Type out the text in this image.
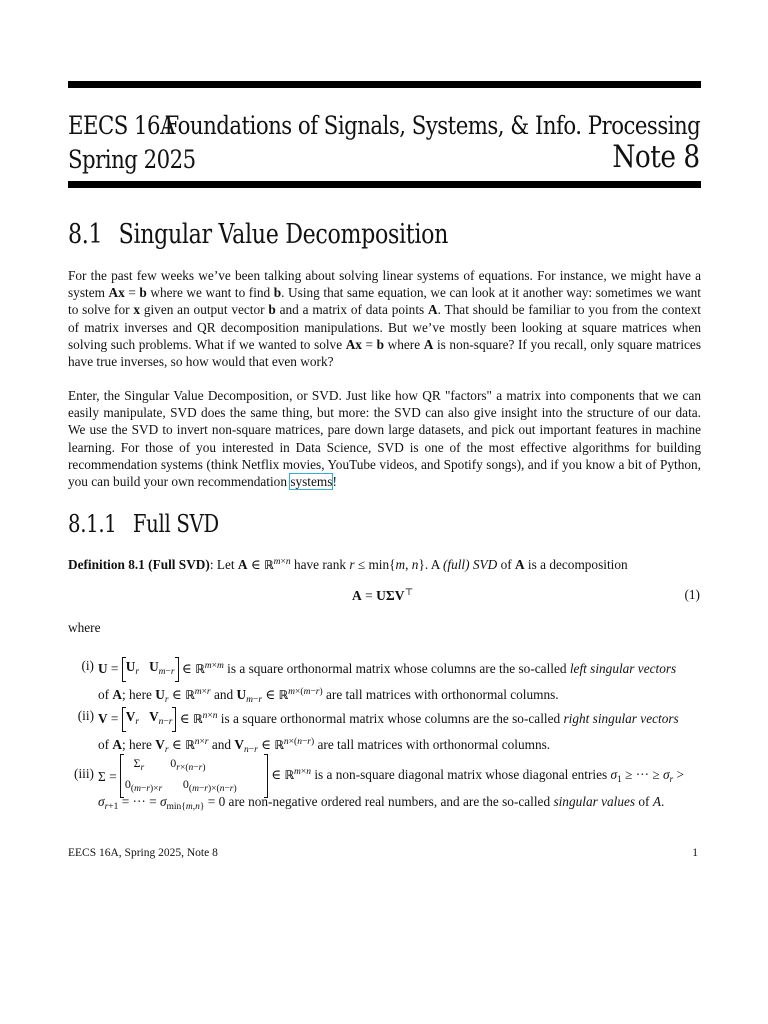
EECS 16A
Foundations of Signals, Systems, & Info. Processing
Spring 2025	Note 8
8.1 Singular Value Decomposition
For the past few weeks we’ve been talking about solving linear systems of equations. For instance, we might have a system Ax = b where we want to find b. Using that same equation, we can look at it another way: sometimes we want to solve for x given an output vector b and a matrix of data points A. That should be familiar to you from the context of matrix inverses and QR decomposition manipulations. But we’ve mostly been looking at square matrices when solving such problems. What if we wanted to solve Ax = b where A is non-square? If you recall, only square matrices have true inverses, so how would that even work?
Enter, the Singular Value Decomposition, or SVD. Just like how QR "factors" a matrix into components that we can easily manipulate, SVD does the same thing, but more: the SVD can also give insight into the structure of our data. We use the SVD to invert non-square matrices, pare down large datasets, and pick out important features in machine learning. For those of you interested in Data Science, SVD is one of the most effective algorithms for building recommendation systems (think Netflix movies, YouTube videos, and Spotify songs), and if you know a bit of Python, you can build your own recommendation systems!
8.1.1 Full SVD
Definition 8.1 (Full SVD): Let A ∈ ℝ$^{m\times n}$ have rank r ≤ min{m, n}. A (full) SVD of A is a decomposition
A = UΣV⊤	(1)
where
(i) U =
$U_r$ $U_{m-r}$
∈ ℝ$^{m\times m}$ is a square orthonormal matrix whose columns are the so-called left singular vectors
of A; here $U_r$ ∈ ℝ$^{m\times r}$ and $U_{m-r}$ ∈ ℝ$^{m\times(m-r)}$ are tall matrices with orthonormal columns.
(ii) V =
$V_r$ $V_{n-r}$
∈ ℝ$^{n\times n}$ is a square orthonormal matrix whose columns are the so-called right singular vectors
of A; here $V_r$ ∈ ℝ$^{n\times r}$ and $V_{n-r}$ ∈ ℝ$^{n\times(n-r)}$ are tall matrices with orthonormal columns.
(iii) Σ =
$\Sigma_r$ $0_{r\times(n-r)}$
$0_{(m-r)\times r}$ $0_{(m-r)\times(n-r)}$
∈ ℝ$^{m\times n}$ is a non-square diagonal matrix whose diagonal entries $\sigma_1$ ≥ ··· ≥ $\sigma_r$ >
$\sigma_{r+1}$ = ··· = $\sigma_{min\{m,n\}} = 0$ are non-negative ordered real numbers, and are the so-called singular values of A.
EECS 16A, Spring 2025, Note 8	1
